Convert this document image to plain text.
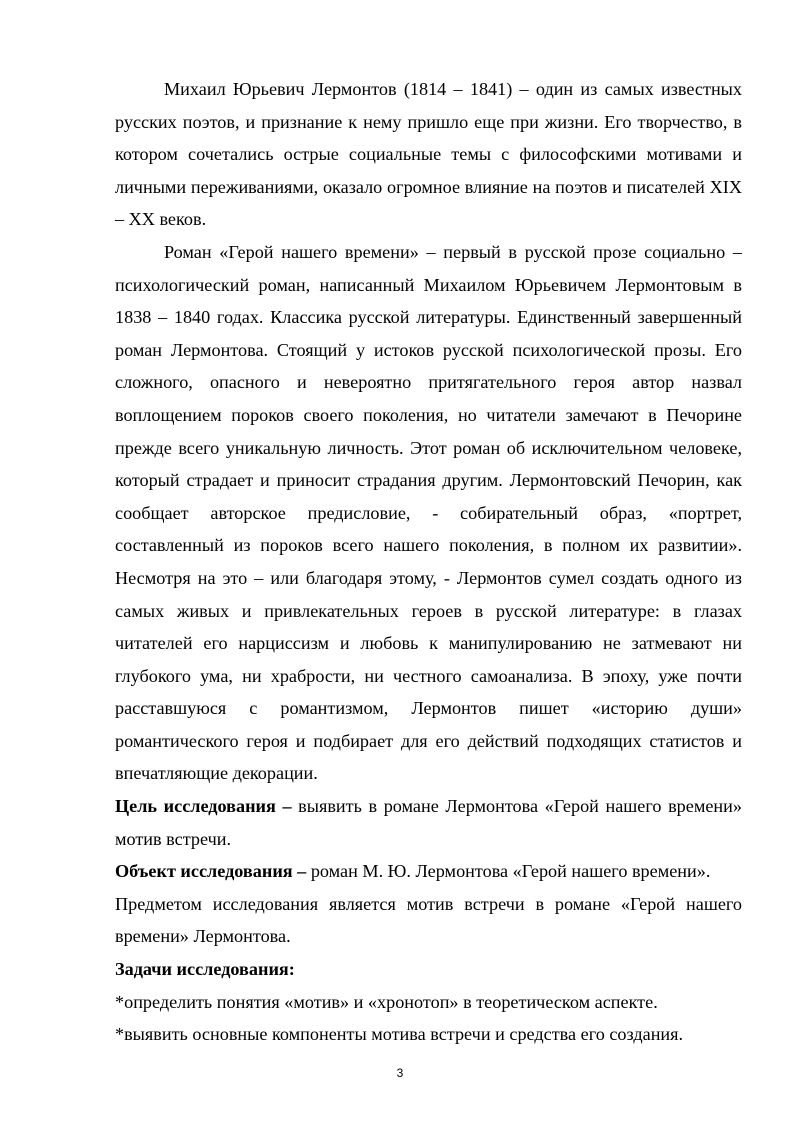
Михаил Юрьевич Лермонтов (1814 – 1841) – один из самых известных русских поэтов, и признание к нему пришло еще при жизни. Его творчество, в котором сочетались острые социальные темы с философскими мотивами и личными переживаниями, оказало огромное влияние на поэтов и писателей XIX – XX веков.

Роман «Герой нашего времени» – первый в русской прозе социально – психологический роман, написанный Михаилом Юрьевичем Лермонтовым в 1838 – 1840 годах. Классика русской литературы. Единственный завершенный роман Лермонтова. Стоящий у истоков русской психологической прозы. Его сложного, опасного и невероятно притягательного героя автор назвал воплощением пороков своего поколения, но читатели замечают в Печорине прежде всего уникальную личность. Этот роман об исключительном человеке, который страдает и приносит страдания другим. Лермонтовский Печорин, как сообщает авторское предисловие, - собирательный образ, «портрет, составленный из пороков всего нашего поколения, в полном их развитии». Несмотря на это – или благодаря этому, - Лермонтов сумел создать одного из самых живых и привлекательных героев в русской литературе: в глазах читателей его нарциссизм и любовь к манипулированию не затмевают ни глубокого ума, ни храбрости, ни честного самоанализа. В эпоху, уже почти расставшуюся с романтизмом, Лермонтов пишет «историю души» романтического героя и подбирает для его действий подходящих статистов и впечатляющие декорации.

Цель исследования – выявить в романе Лермонтова «Герой нашего времени» мотив встречи.

Объект исследования – роман М. Ю. Лермонтова «Герой нашего времени».

Предметом исследования является мотив встречи в романе «Герой нашего времени» Лермонтова.

Задачи исследования:

*определить понятия «мотив» и «хронотоп» в теоретическом аспекте.

*выявить основные компоненты мотива встречи и средства его создания.

3
